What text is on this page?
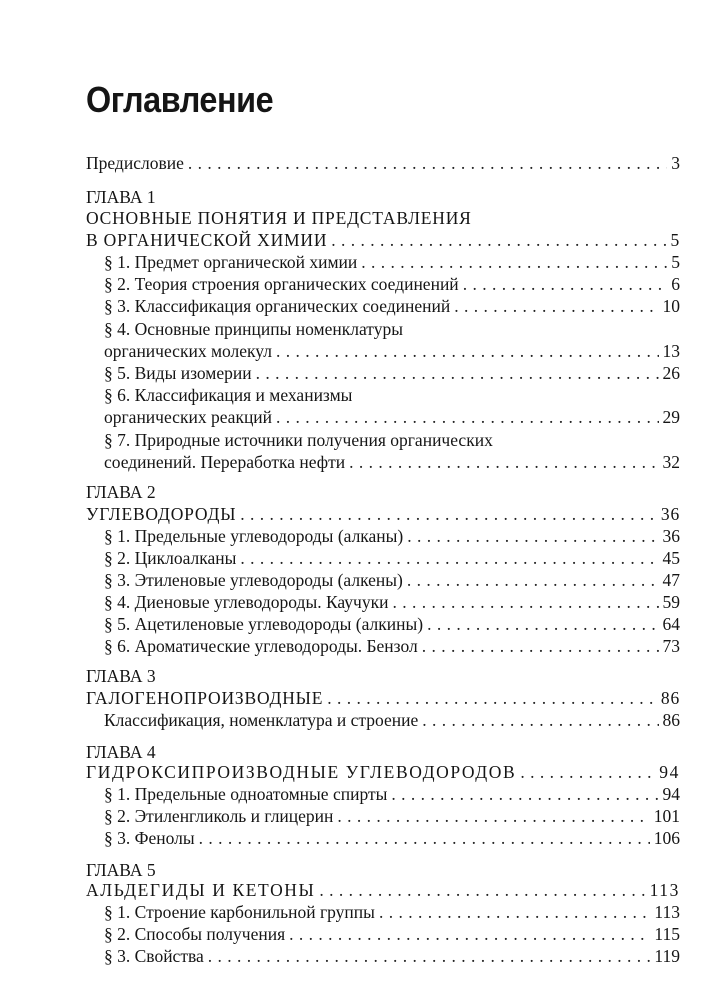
Оглавление
Предисловие . . .	3
ГЛАВА 1
ОСНОВНЫЕ ПОНЯТИЯ И ПРЕДСТАВЛЕНИЯ
В ОРГАНИЧЕСКОЙ ХИМИИ . . .	5
§ 1. Предмет органической химии . . .	5
§ 2. Теория строения органических соединений . . .	6
§ 3. Классификация органических соединений . . .	10
§ 4. Основные принципы номенклатуры
органических молекул . . .	13
§ 5. Виды изомерии . . .	26
§ 6. Классификация и механизмы
органических реакций . . .	29
§ 7. Природные источники получения органических
соединений. Переработка нефти . . .	32
ГЛАВА 2
УГЛЕВОДОРОДЫ . . .	36
§ 1. Предельные углеводороды (алканы) . . .	36
§ 2. Циклоалканы . . .	45
§ 3. Этиленовые углеводороды (алкены) . . .	47
§ 4. Диеновые углеводороды. Каучуки . . .	59
§ 5. Ацетиленовые углеводороды (алкины) . . .	64
§ 6. Ароматические углеводороды. Бензол . . .	73
ГЛАВА 3
ГАЛОГЕНОПРОИЗВОДНЫЕ . . .	86
Классификация, номенклатура и строение . . .	86
ГЛАВА 4
ГИДРОКСИПРОИЗВОДНЫЕ УГЛЕВОДОРОДОВ . . .	94
§ 1. Предельные одноатомные спирты . . .	94
§ 2. Этиленгликоль и глицерин . . .	101
§ 3. Фенолы . . .	106
ГЛАВА 5
АЛЬДЕГИДЫ И КЕТОНЫ . . .	113
§ 1. Строение карбонильной группы . . .	113
§ 2. Способы получения . . .	115
§ 3. Свойства . . .	119
